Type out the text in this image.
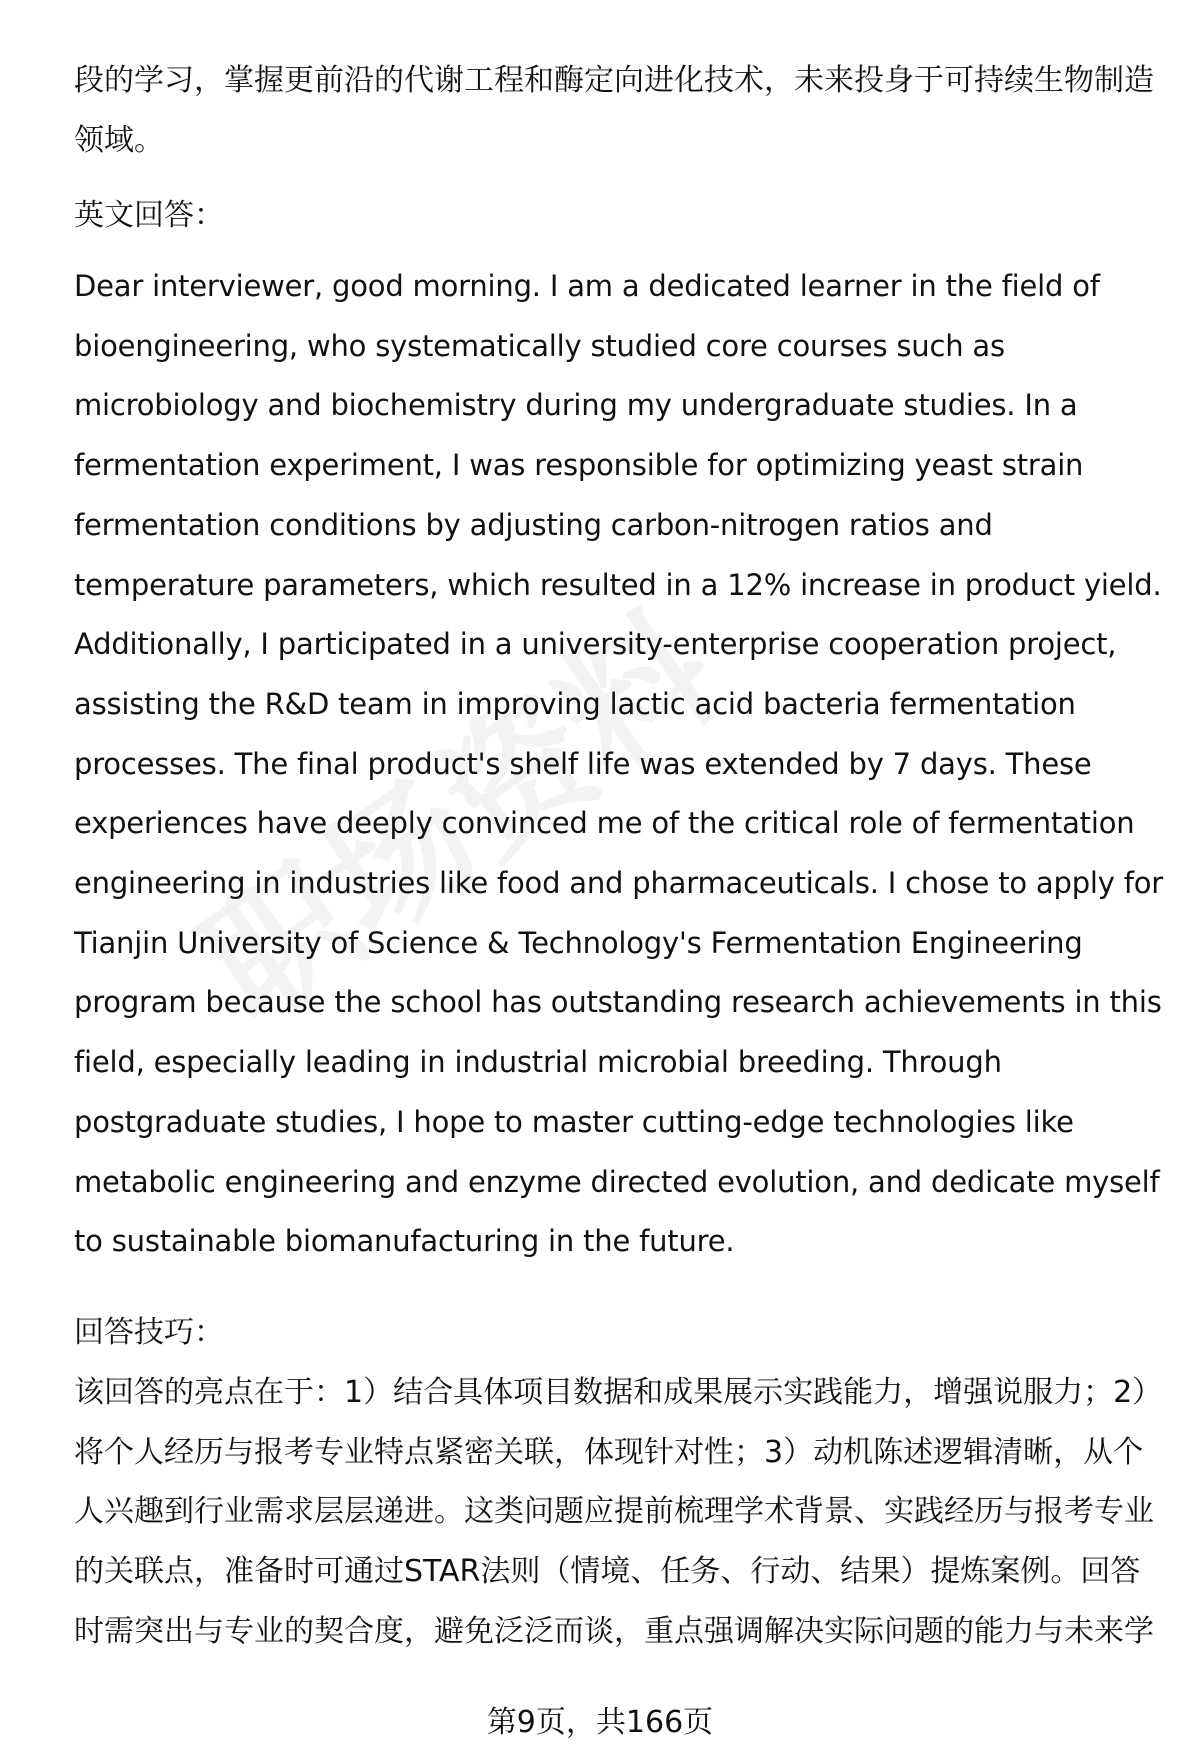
段的学习，掌握更前沿的代谢工程和酶定向进化技术，未来投身于可持续生物制造
领域。
英文回答：
Dear interviewer, good morning. I am a dedicated learner in the field of
bioengineering, who systematically studied core courses such as
microbiology and biochemistry during my undergraduate studies. In a
fermentation experiment, I was responsible for optimizing yeast strain
fermentation conditions by adjusting carbon-nitrogen ratios and
temperature parameters, which resulted in a 12% increase in product yield.
Additionally, I participated in a university-enterprise cooperation project,
assisting the R&D team in improving lactic acid bacteria fermentation
processes. The final product's shelf life was extended by 7 days. These
experiences have deeply convinced me of the critical role of fermentation
engineering in industries like food and pharmaceuticals. I chose to apply for
Tianjin University of Science & Technology's Fermentation Engineering
program because the school has outstanding research achievements in this
field, especially leading in industrial microbial breeding. Through
postgraduate studies, I hope to master cutting-edge technologies like
metabolic engineering and enzyme directed evolution, and dedicate myself
to sustainable biomanufacturing in the future.
回答技巧：
该回答的亮点在于：1）结合具体项目数据和成果展示实践能力，增强说服力；2）
将个人经历与报考专业特点紧密关联，体现针对性；3）动机陈述逻辑清晰，从个
人兴趣到行业需求层层递进。这类问题应提前梳理学术背景、实践经历与报考专业
的关联点，准备时可通过STAR法则（情境、任务、行动、结果）提炼案例。回答
时需突出与专业的契合度，避免泛泛而谈，重点强调解决实际问题的能力与未来学
第9页，共166页
